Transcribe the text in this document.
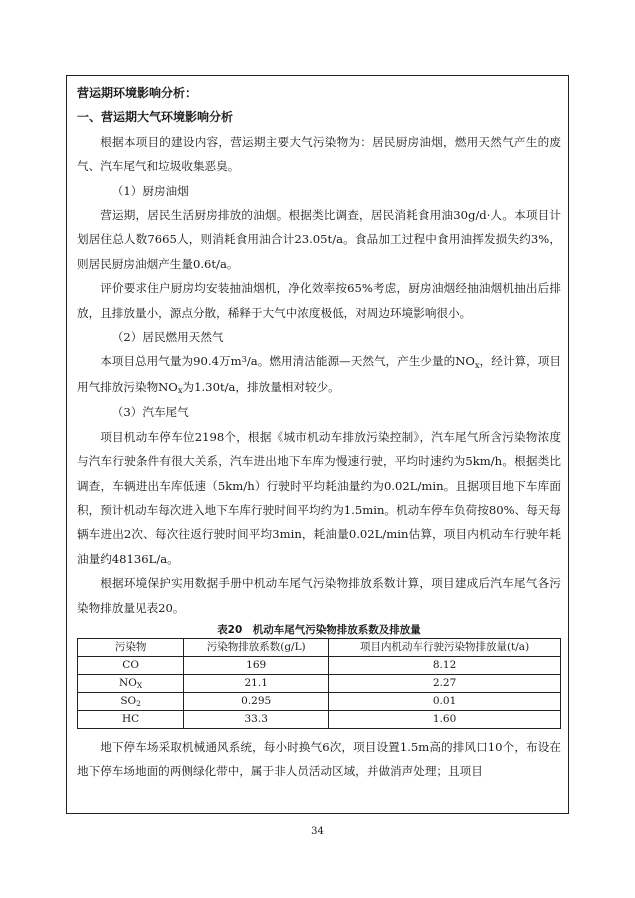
营运期环境影响分析：
一、营运期大气环境影响分析

根据本项目的建设内容，营运期主要大气污染物为：居民厨房油烟，燃用天然气产生的废气、汽车尾气和垃圾收集恶臭。

（1）厨房油烟

营运期，居民生活厨房排放的油烟。根据类比调查，居民消耗食用油30g/d·人。本项目计划居住总人数7665人，则消耗食用油合计23.05t/a。食品加工过程中食用油挥发损失约3%，则居民厨房油烟产生量0.6t/a。

评价要求住户厨房均安装抽油烟机，净化效率按65%考虑，厨房油烟经抽油烟机抽出后排放，且排放量小，源点分散，稀释于大气中浓度极低，对周边环境影响很小。

（2）居民燃用天然气

本项目总用气量为90.4万$m^3/a$。燃用清洁能源—天然气，产生少量的$NO_x$，经计算，项目用气排放污染物$NO_x$为1.30t/a，排放量相对较少。

（3）汽车尾气

项目机动车停车位2198个，根据《城市机动车排放污染控制》，汽车尾气所含污染物浓度与汽车行驶条件有很大关系，汽车进出地下车库为慢速行驶，平均时速约为5km/h。根据类比调查，车辆进出车库低速（5km/h）行驶时平均耗油量约为0.02L/min。且据项目地下车库面积，预计机动车每次进入地下车库行驶时间平均约为1.5min。机动车停车负荷按80%、每天每辆车进出2次、每次往返行驶时间平均3min，耗油量0.02L/min估算，项目内机动车行驶年耗油量约48136L/a。

根据环境保护实用数据手册中机动车尾气污染物排放系数计算，项目建成后汽车尾气各污染物排放量见表20。

表20　机动车尾气污染物排放系数及排放量
污染物	污染物排放系数(g/L)	项目内机动车行驶污染物排放量(t/a)
CO	169	8.12
$NO_X$	21.1	2.27
$SO_2$	0.295	0.01
HC	33.3	1.60

地下停车场采取机械通风系统，每小时换气6次，项目设置1.5m高的排风口10个，布设在地下停车场地面的两侧绿化带中，属于非人员活动区域，并做消声处理；且项目

34
